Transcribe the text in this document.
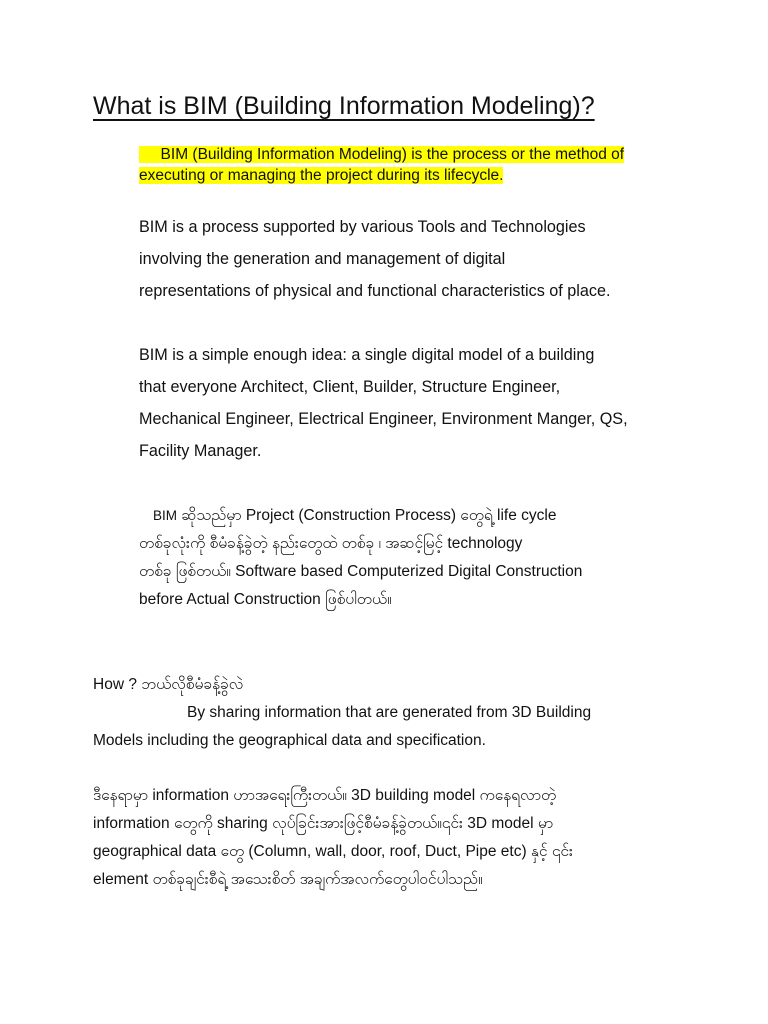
What is BIM (Building Information Modeling)?
BIM (Building Information Modeling) is the process or the method of
executing or managing the project during its lifecycle.
BIM is a process supported by various Tools and Technologies
involving the generation and management of digital
representations of physical and functional characteristics of place.
BIM is a simple enough idea: a single digital model of a building
that everyone Architect, Client, Builder, Structure Engineer,
Mechanical Engineer, Electrical Engineer, Environment Manger, QS,
Facility Manager.
BIM ဆိုသည်မှာ Project (Construction Process) တွေရဲ့ life cycle
တစ်ခုလုံးကို စီမံခန့်ခွဲတဲ့ နည်းတွေထဲ တစ်ခု ၊ အဆင့်မြင့် technology
တစ်ခု ဖြစ်တယ်။ Software based Computerized Digital Construction
before Actual Construction ဖြစ်ပါတယ်။
How ? ဘယ်လိုစီမံခန့်ခွဲလဲ
By sharing information that are generated from 3D Building
Models including the geographical data and specification.
ဒီနေရာမှာ information ဟာအရေးကြီးတယ်။ 3D building model ကနေရလာတဲ့
information တွေကို sharing လုပ်ခြင်းအားဖြင့်စီမံခန့်ခွဲတယ်။၎င်း 3D model မှာ
geographical data တွေ (Column, wall, door, roof, Duct, Pipe etc) နှင့် ၎င်း
element တစ်ခုချင်းစီရဲ့ အသေးစိတ် အချက်အလက်တွေပါဝင်ပါသည်။
